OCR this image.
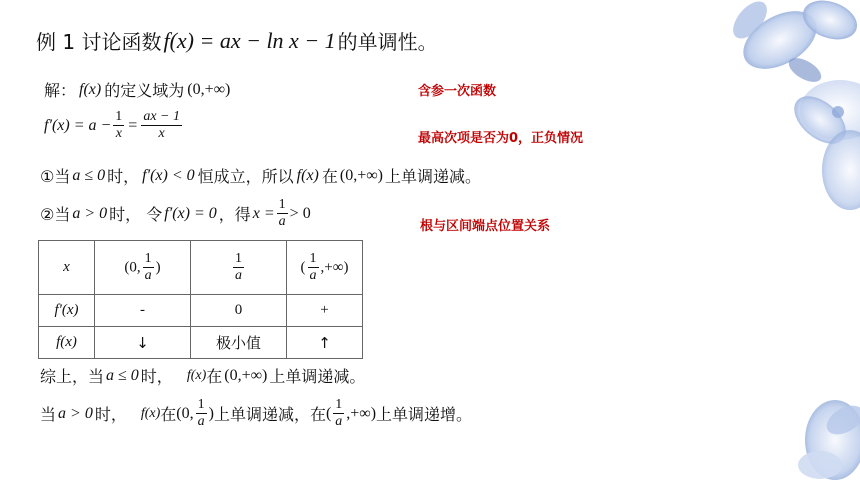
例 1 讨论函数 f(x) = ax − ln x − 1 的单调性。
解： f(x) 的定义域为 (0,+∞)
$f'(x) = a - \frac{1}{x} = \frac{ax - 1}{x}$
①当 a ≤ 0 时， f′(x) < 0 恒成立，所以 f(x) 在 (0,+∞) 上单调递减。
②当 a > 0 时， 令 f′(x) = 0 ，得 $x = \frac{1}{a} > 0$
含参一次函数
最高次项是否为0，正负情况
根与区间端点位置关系
x	(0, $\frac{1}{a}$ )	$\frac{1}{a}$	( $\frac{1}{a}$ ,+∞)
f′(x)	-	0	+
f(x)	↓	极小值	↑
综上，当 a ≤ 0 时， f(x) 在 (0,+∞) 上单调递减。
当 a > 0 时， f(x) 在 (0, $\frac{1}{a}$ ) 上单调递减，在 ( $\frac{1}{a}$ ,+∞) 上单调递增。
